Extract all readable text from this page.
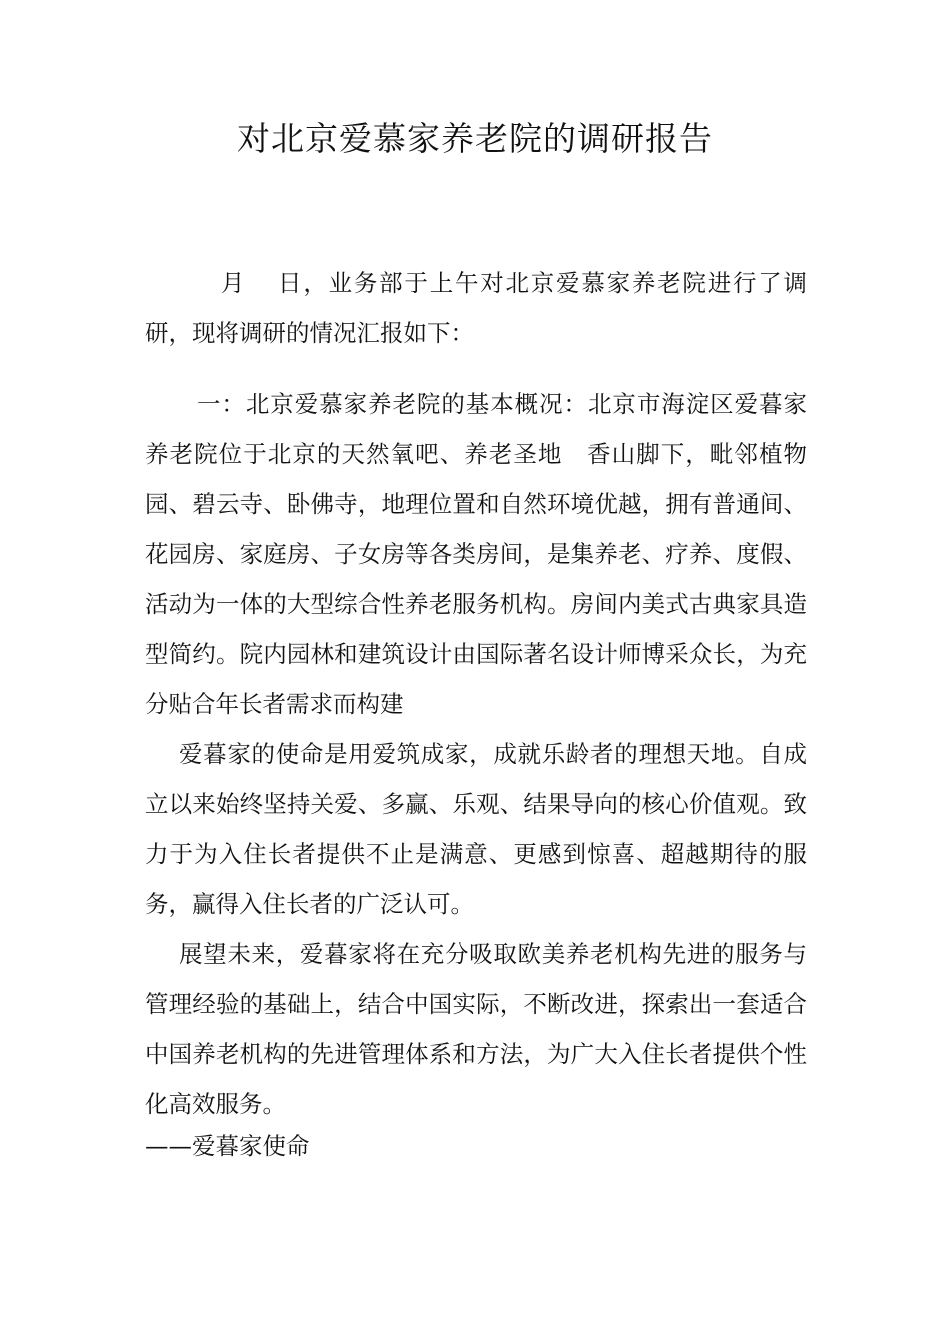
对北京爱慕家养老院的调研报告

月 日，业务部于上午对北京爱慕家养老院进行了调研，现将调研的情况汇报如下：

一：北京爱慕家养老院的基本概况：北京市海淀区爱暮家养老院位于北京的天然氧吧、养老圣地　香山脚下，毗邻植物园、碧云寺、卧佛寺，地理位置和自然环境优越，拥有普通间、花园房、家庭房、子女房等各类房间，是集养老、疗养、度假、活动为一体的大型综合性养老服务机构。房间内美式古典家具造型简约。院内园林和建筑设计由国际著名设计师博采众长，为充分贴合年长者需求而构建

爱暮家的使命是用爱筑成家，成就乐龄者的理想天地。自成立以来始终坚持关爱、多赢、乐观、结果导向的核心价值观。致力于为入住长者提供不止是满意、更感到惊喜、超越期待的服务，赢得入住长者的广泛认可。

展望未来，爱暮家将在充分吸取欧美养老机构先进的服务与管理经验的基础上，结合中国实际，不断改进，探索出一套适合中国养老机构的先进管理体系和方法，为广大入住长者提供个性化高效服务。

——爱暮家使命
